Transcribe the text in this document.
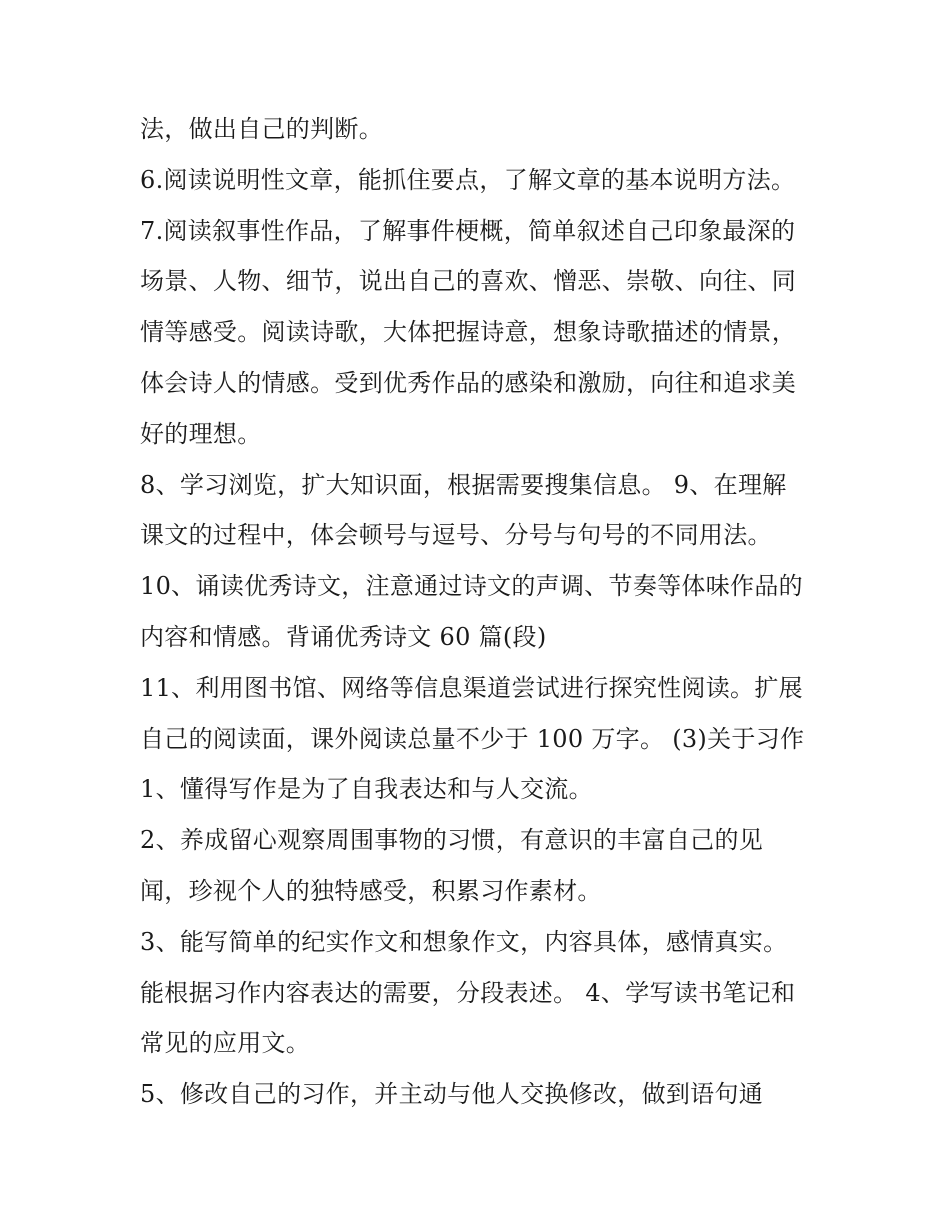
法，做出自己的判断。
6.阅读说明性文章，能抓住要点，了解文章的基本说明方法。
7.阅读叙事性作品，了解事件梗概，简单叙述自己印象最深的
场景、人物、细节，说出自己的喜欢、憎恶、崇敬、向往、同
情等感受。阅读诗歌，大体把握诗意，想象诗歌描述的情景，
体会诗人的情感。受到优秀作品的感染和激励，向往和追求美
好的理想。
8、学习浏览，扩大知识面，根据需要搜集信息。 9、在理解
课文的过程中，体会顿号与逗号、分号与句号的不同用法。
10、诵读优秀诗文，注意通过诗文的声调、节奏等体味作品的
内容和情感。背诵优秀诗文 60 篇(段)
11、利用图书馆、网络等信息渠道尝试进行探究性阅读。扩展
自己的阅读面，课外阅读总量不少于 100 万字。 (3)关于习作
1、懂得写作是为了自我表达和与人交流。
2、养成留心观察周围事物的习惯，有意识的丰富自己的见
闻，珍视个人的独特感受，积累习作素材。
3、能写简单的纪实作文和想象作文，内容具体，感情真实。
能根据习作内容表达的需要，分段表述。 4、学写读书笔记和
常见的应用文。
5、修改自己的习作，并主动与他人交换修改，做到语句通
